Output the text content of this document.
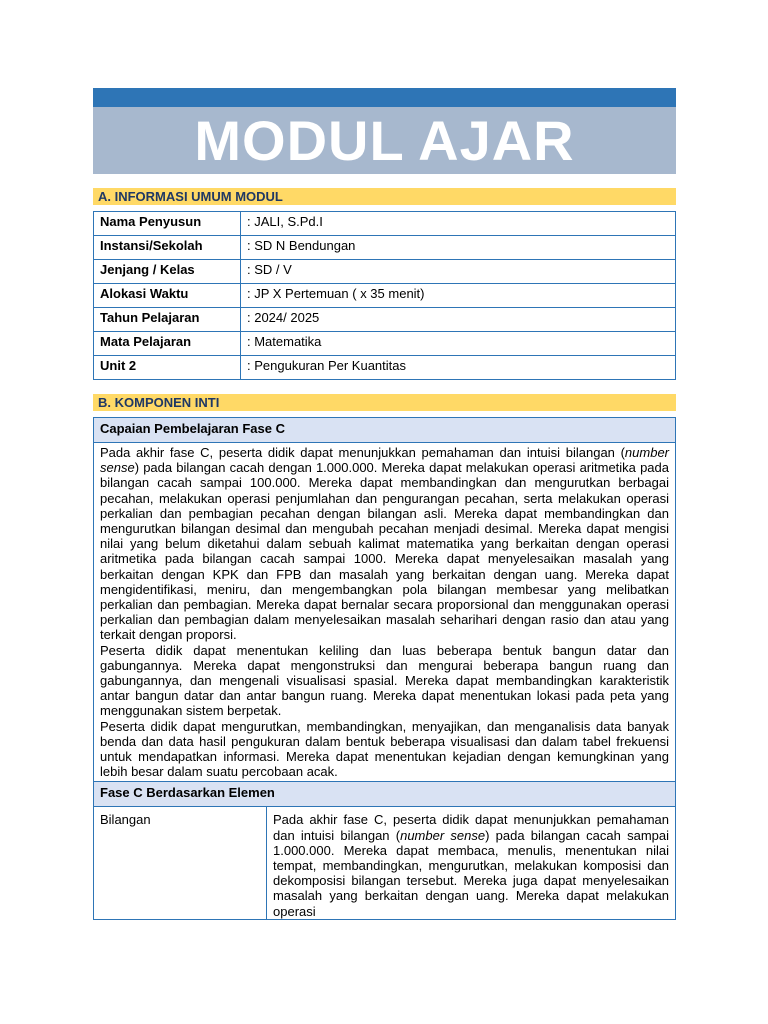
MODUL AJAR
A. INFORMASI UMUM MODUL
Nama Penyusun	: JALI, S.Pd.I
Instansi/Sekolah	: SD N Bendungan
Jenjang / Kelas	: SD / V
Alokasi Waktu	: JP X Pertemuan ( x 35 menit)
Tahun Pelajaran	: 2024/ 2025
Mata Pelajaran	: Matematika
Unit 2	: Pengukuran Per Kuantitas
B. KOMPONEN INTI
Capaian Pembelajaran Fase C

Pada akhir fase C, peserta didik dapat menunjukkan pemahaman dan intuisi bilangan (number sense) pada bilangan cacah dengan 1.000.000. Mereka dapat melakukan operasi aritmetika pada bilangan cacah sampai 100.000. Mereka dapat membandingkan dan mengurutkan berbagai pecahan, melakukan operasi penjumlahan dan pengurangan pecahan, serta melakukan operasi perkalian dan pembagian pecahan dengan bilangan asli. Mereka dapat membandingkan dan mengurutkan bilangan desimal dan mengubah pecahan menjadi desimal. Mereka dapat mengisi nilai yang belum diketahui dalam sebuah kalimat matematika yang berkaitan dengan operasi aritmetika pada bilangan cacah sampai 1000. Mereka dapat menyelesaikan masalah yang berkaitan dengan KPK dan FPB dan masalah yang berkaitan dengan uang. Mereka dapat mengidentifikasi, meniru, dan mengembangkan pola bilangan membesar yang melibatkan perkalian dan pembagian. Mereka dapat bernalar secara proporsional dan menggunakan operasi perkalian dan pembagian dalam menyelesaikan masalah seharihari dengan rasio dan atau yang terkait dengan proporsi.

Peserta didik dapat menentukan keliling dan luas beberapa bentuk bangun datar dan gabungannya. Mereka dapat mengonstruksi dan mengurai beberapa bangun ruang dan gabungannya, dan mengenali visualisasi spasial. Mereka dapat membandingkan karakteristik antar bangun datar dan antar bangun ruang. Mereka dapat menentukan lokasi pada peta yang menggunakan sistem berpetak.

Peserta didik dapat mengurutkan, membandingkan, menyajikan, dan menganalisis data banyak benda dan data hasil pengukuran dalam bentuk beberapa visualisasi dan dalam tabel frekuensi untuk mendapatkan informasi. Mereka dapat menentukan kejadian dengan kemungkinan yang lebih besar dalam suatu percobaan acak.

Fase C Berdasarkan Elemen
Bilangan	Pada akhir fase C, peserta didik dapat menunjukkan pemahaman dan intuisi bilangan (number sense) pada bilangan cacah sampai 1.000.000. Mereka dapat membaca, menulis, menentukan nilai tempat, membandingkan, mengurutkan, melakukan komposisi dan dekomposisi bilangan tersebut. Mereka juga dapat menyelesaikan masalah yang berkaitan dengan uang. Mereka dapat melakukan operasi
